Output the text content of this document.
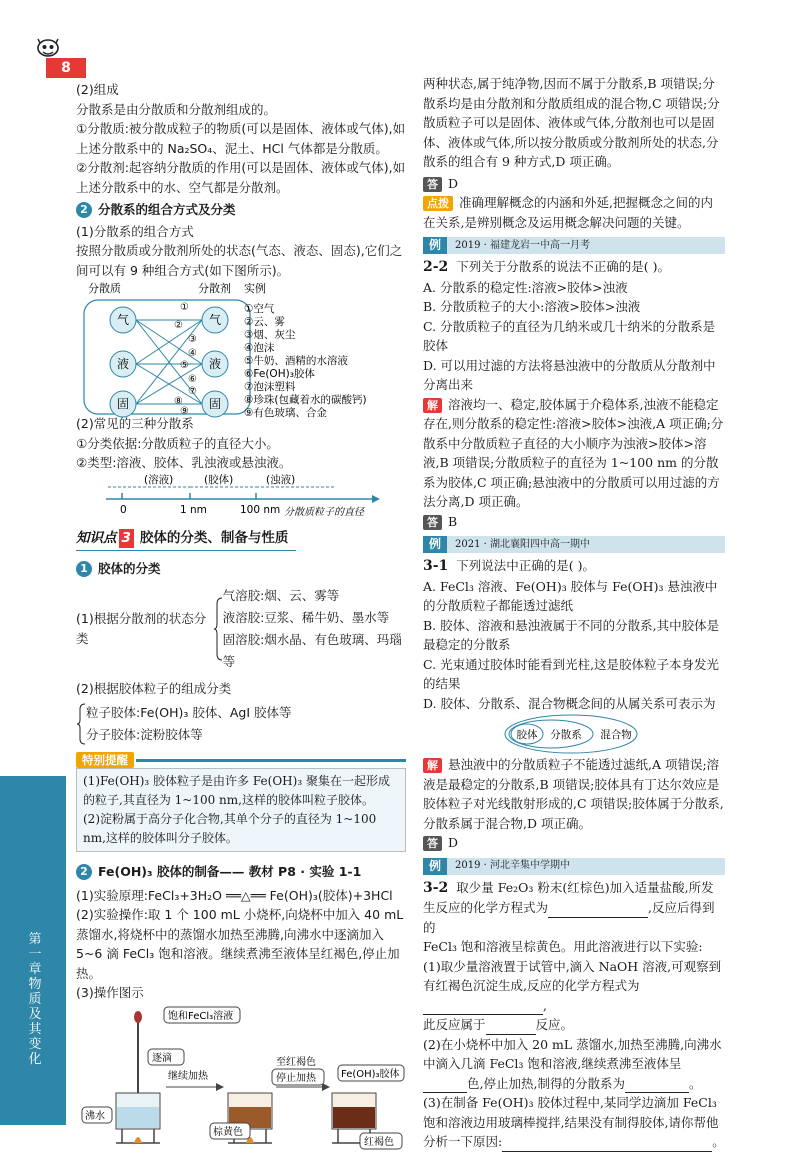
8
第一章 物质及其变化

(2)组成

分散系是由分散质和分散剂组成的。

①分散质:被分散成粒子的物质(可以是固体、液体或气体),如上述分散系中的 Na₂SO₄、泥土、HCl 气体都是分散质。

②分散剂:起容纳分散质的作用(可以是固体、液体或气体),如上述分散系中的水、空气都是分散剂。

2 分散系的组合方式及分类

(1)分散系的组合方式

按照分散质或分散剂所处的状态(气态、液态、固态),它们之间可以有 9 种组合方式(如下图所示)。

分散质	分散剂 实例
气
液
固
气
液
固
①
②
③
④
⑤
⑥
⑦
⑧
⑨
①空气
②云、雾
③烟、灰尘
④泡沫
⑤牛奶、酒精的水溶液
⑥Fe(OH)₃胶体
⑦泡沫塑料
⑧珍珠(包藏着水的碳酸钙)
⑨有色玻璃、合金

(2)常见的三种分散系

①分类依据:分散质粒子的直径大小。

②类型:溶液、胶体、乳浊液或悬浊液。

(溶液)	(胶体)	(浊液)
0	1 nm	100 nm 分散质粒子的直径
知识点 3 胶体的分类、制备与性质
1 胶体的分类
(1)根据分散剂的状态分类
气溶胶:烟、云、雾等
液溶胶:豆浆、稀牛奶、墨水等
固溶胶:烟水晶、有色玻璃、玛瑙等

(2)根据胶体粒子的组成分类

粒子胶体:Fe(OH)₃ 胶体、AgI 胶体等
分子胶体:淀粉胶体等
特别提醒

(1)Fe(OH)₃ 胶体粒子是由许多 Fe(OH)₃ 聚集在一起形成的粒子,其直径为 1~100 nm,这样的胶体叫粒子胶体。

(2)淀粉属于高分子化合物,其单个分子的直径为 1~100 nm,这样的胶体叫分子胶体。

2 Fe(OH)₃ 胶体的制备—— 教材 P8 · 实验 1-1

(1)实验原理:FeCl₃+3H₂O ══△══ Fe(OH)₃(胶体)+3HCl

(2)实验操作:取 1 个 100 mL 小烧杯,向烧杯中加入 40 mL 蒸馏水,将烧杯中的蒸馏水加热至沸腾,向沸水中逐滴加入 5~6 滴 FeCl₃ 饱和溶液。继续煮沸至液体呈红褐色,停止加热。

(3)操作图示

饱和FeCl₃溶液
逐滴
沸水
继续加热
棕黄色
至红褐色
停止加热	Fe(OH)₃胶体
红褐色

两种状态,属于纯净物,因而不属于分散系,B 项错误;分散系均是由分散剂和分散质组成的混合物,C 项错误;分散质粒子可以是固体、液体或气体,分散剂也可以是固体、液体或气体,所以按分散质或分散剂所处的状态,分散系的组合有 9 种方式,D 项正确。

答 D

点拨 准确理解概念的内涵和外延,把握概念之间的内在关系,是辨别概念及运用概念解决问题的关键。

例	2019 · 福建龙岩一中高一月考

2-2 下列关于分散系的说法不正确的是( )。

A. 分散系的稳定性:溶液>胶体>浊液

B. 分散质粒子的大小:溶液>胶体>浊液

C. 分散质粒子的直径为几纳米或几十纳米的分散系是胶体

D. 可以用过滤的方法将悬浊液中的分散质从分散剂中分离出来

解 溶液均一、稳定,胶体属于介稳体系,浊液不能稳定存在,则分散系的稳定性:溶液>胶体>浊液,A 项正确;分散系中分散质粒子直径的大小顺序为浊液>胶体>溶液,B 项错误;分散质粒子的直径为 1~100 nm 的分散系为胶体,C 项正确;悬浊液中的分散质可以用过滤的方法分离,D 项正确。

答 B

例	2021 · 湖北襄阳四中高一期中

3-1 下列说法中正确的是( )。

A. FeCl₃ 溶液、Fe(OH)₃ 胶体与 Fe(OH)₃ 悬浊液中的分散质粒子都能透过滤纸

B. 胶体、溶液和悬浊液属于不同的分散系,其中胶体是最稳定的分散系

C. 光束通过胶体时能看到光柱,这是胶体粒子本身发光的结果

D. 胶体、分散系、混合物概念间的从属关系可表示为

胶体 分散系 混合物

解 悬浊液中的分散质粒子不能透过滤纸,A 项错误;溶液是最稳定的分散系,B 项错误;胶体具有丁达尔效应是胶体粒子对光线散射形成的,C 项错误;胶体属于分散系,分散系属于混合物,D 项正确。

答 D

例	2019 · 河北辛集中学期中

3-2 取少量 Fe₂O₃ 粉末(红棕色)加入适量盐酸,所发生反应的化学方程式为	,反应后得到的

FeCl₃ 饱和溶液呈棕黄色。用此溶液进行以下实验:

(1)取少量溶液置于试管中,滴入 NaOH 溶液,可观察到有红褐色沉淀生成,反应的化学方程式为,
此反应属于	反应。

(2)在小烧杯中加入 20 mL 蒸馏水,加热至沸腾,向沸水中滴入几滴 FeCl₃ 饱和溶液,继续煮沸至液体呈色,停止加热,制得的分散系为	。

(3)在制备 Fe(OH)₃ 胶体过程中,某同学边滴加 FeCl₃ 饱和溶液边用玻璃棒搅拌,结果没有制得胶体,请你帮他分析一下原因:	。
